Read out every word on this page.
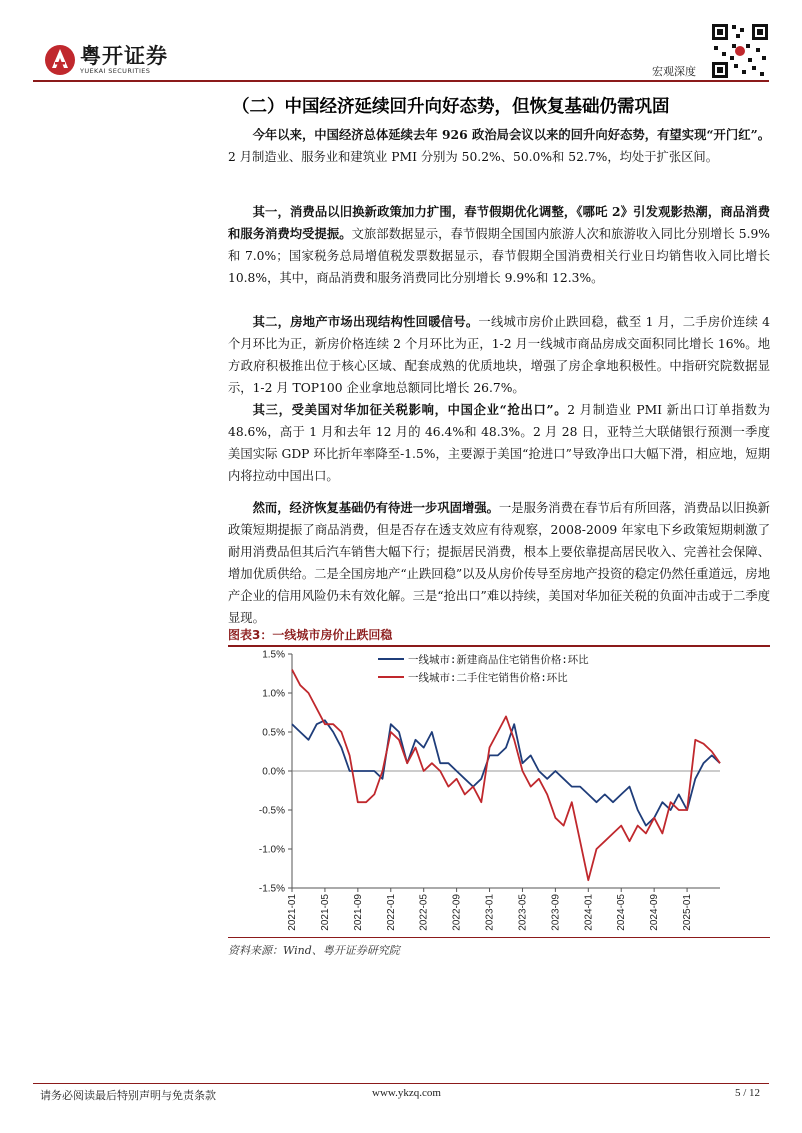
粤开证券
YUEKAI SECURITIES	宏观深度
（二）中国经济延续回升向好态势，但恢复基础仍需巩固
今年以来，中国经济总体延续去年 926 政治局会议以来的回升向好态势，有望实现“开门红”。2 月制造业、服务业和建筑业 PMI 分别为 50.2%、50.0%和 52.7%，均处于扩张区间。
其一，消费品以旧换新政策加力扩围，春节假期优化调整，《哪吒 2》引发观影热潮，商品消费和服务消费均受提振。文旅部数据显示，春节假期全国国内旅游人次和旅游收入同比分别增长 5.9%和 7.0%；国家税务总局增值税发票数据显示，春节假期全国消费相关行业日均销售收入同比增长 10.8%，其中，商品消费和服务消费同比分别增长 9.9%和 12.3%。
其二，房地产市场出现结构性回暖信号。一线城市房价止跌回稳，截至 1 月，二手房价连续 4 个月环比为正，新房价格连续 2 个月环比为正，1-2 月一线城市商品房成交面积同比增长 16%。地方政府积极推出位于核心区域、配套成熟的优质地块，增强了房企拿地积极性。中指研究院数据显示，1-2 月 TOP100 企业拿地总额同比增长 26.7%。
其三，受美国对华加征关税影响，中国企业“抢出口”。2 月制造业 PMI 新出口订单指数为 48.6%，高于 1 月和去年 12 月的 46.4%和 48.3%。2 月 28 日，亚特兰大联储银行预测一季度美国实际 GDP 环比折年率降至-1.5%，主要源于美国“抢进口”导致净出口大幅下滑，相应地，短期内将拉动中国出口。
然而，经济恢复基础仍有待进一步巩固增强。一是服务消费在春节后有所回落，消费品以旧换新政策短期提振了商品消费，但是否存在透支效应有待观察，2008-2009 年家电下乡政策短期刺激了耐用消费品但其后汽车销售大幅下行；提振居民消费，根本上要依靠提高居民收入、完善社会保障、增加优质供给。二是全国房地产“止跌回稳”以及从房价传导至房地产投资的稳定仍然任重道远，房地产企业的信用风险仍未有效化解。三是“抢出口”难以持续，美国对华加征关税的负面冲击或于二季度显现。
图表3：一线城市房价止跌回稳
1.5%
1.0%
0.5%
0.0%
-0.5%
-1.0%
-1.5%
2021-01 2021-05 2021-09 2022-01 2022-05 2022-09 2023-01 2023-05 2023-09 2024-01 2024-05 2024-09 2025-01
一线城市:新建商品住宅销售价格:环比
一线城市:二手住宅销售价格:环比
资料来源：Wind、粤开证券研究院
请务必阅读最后特别声明与免责条款	www.ykzq.com	5 / 12
